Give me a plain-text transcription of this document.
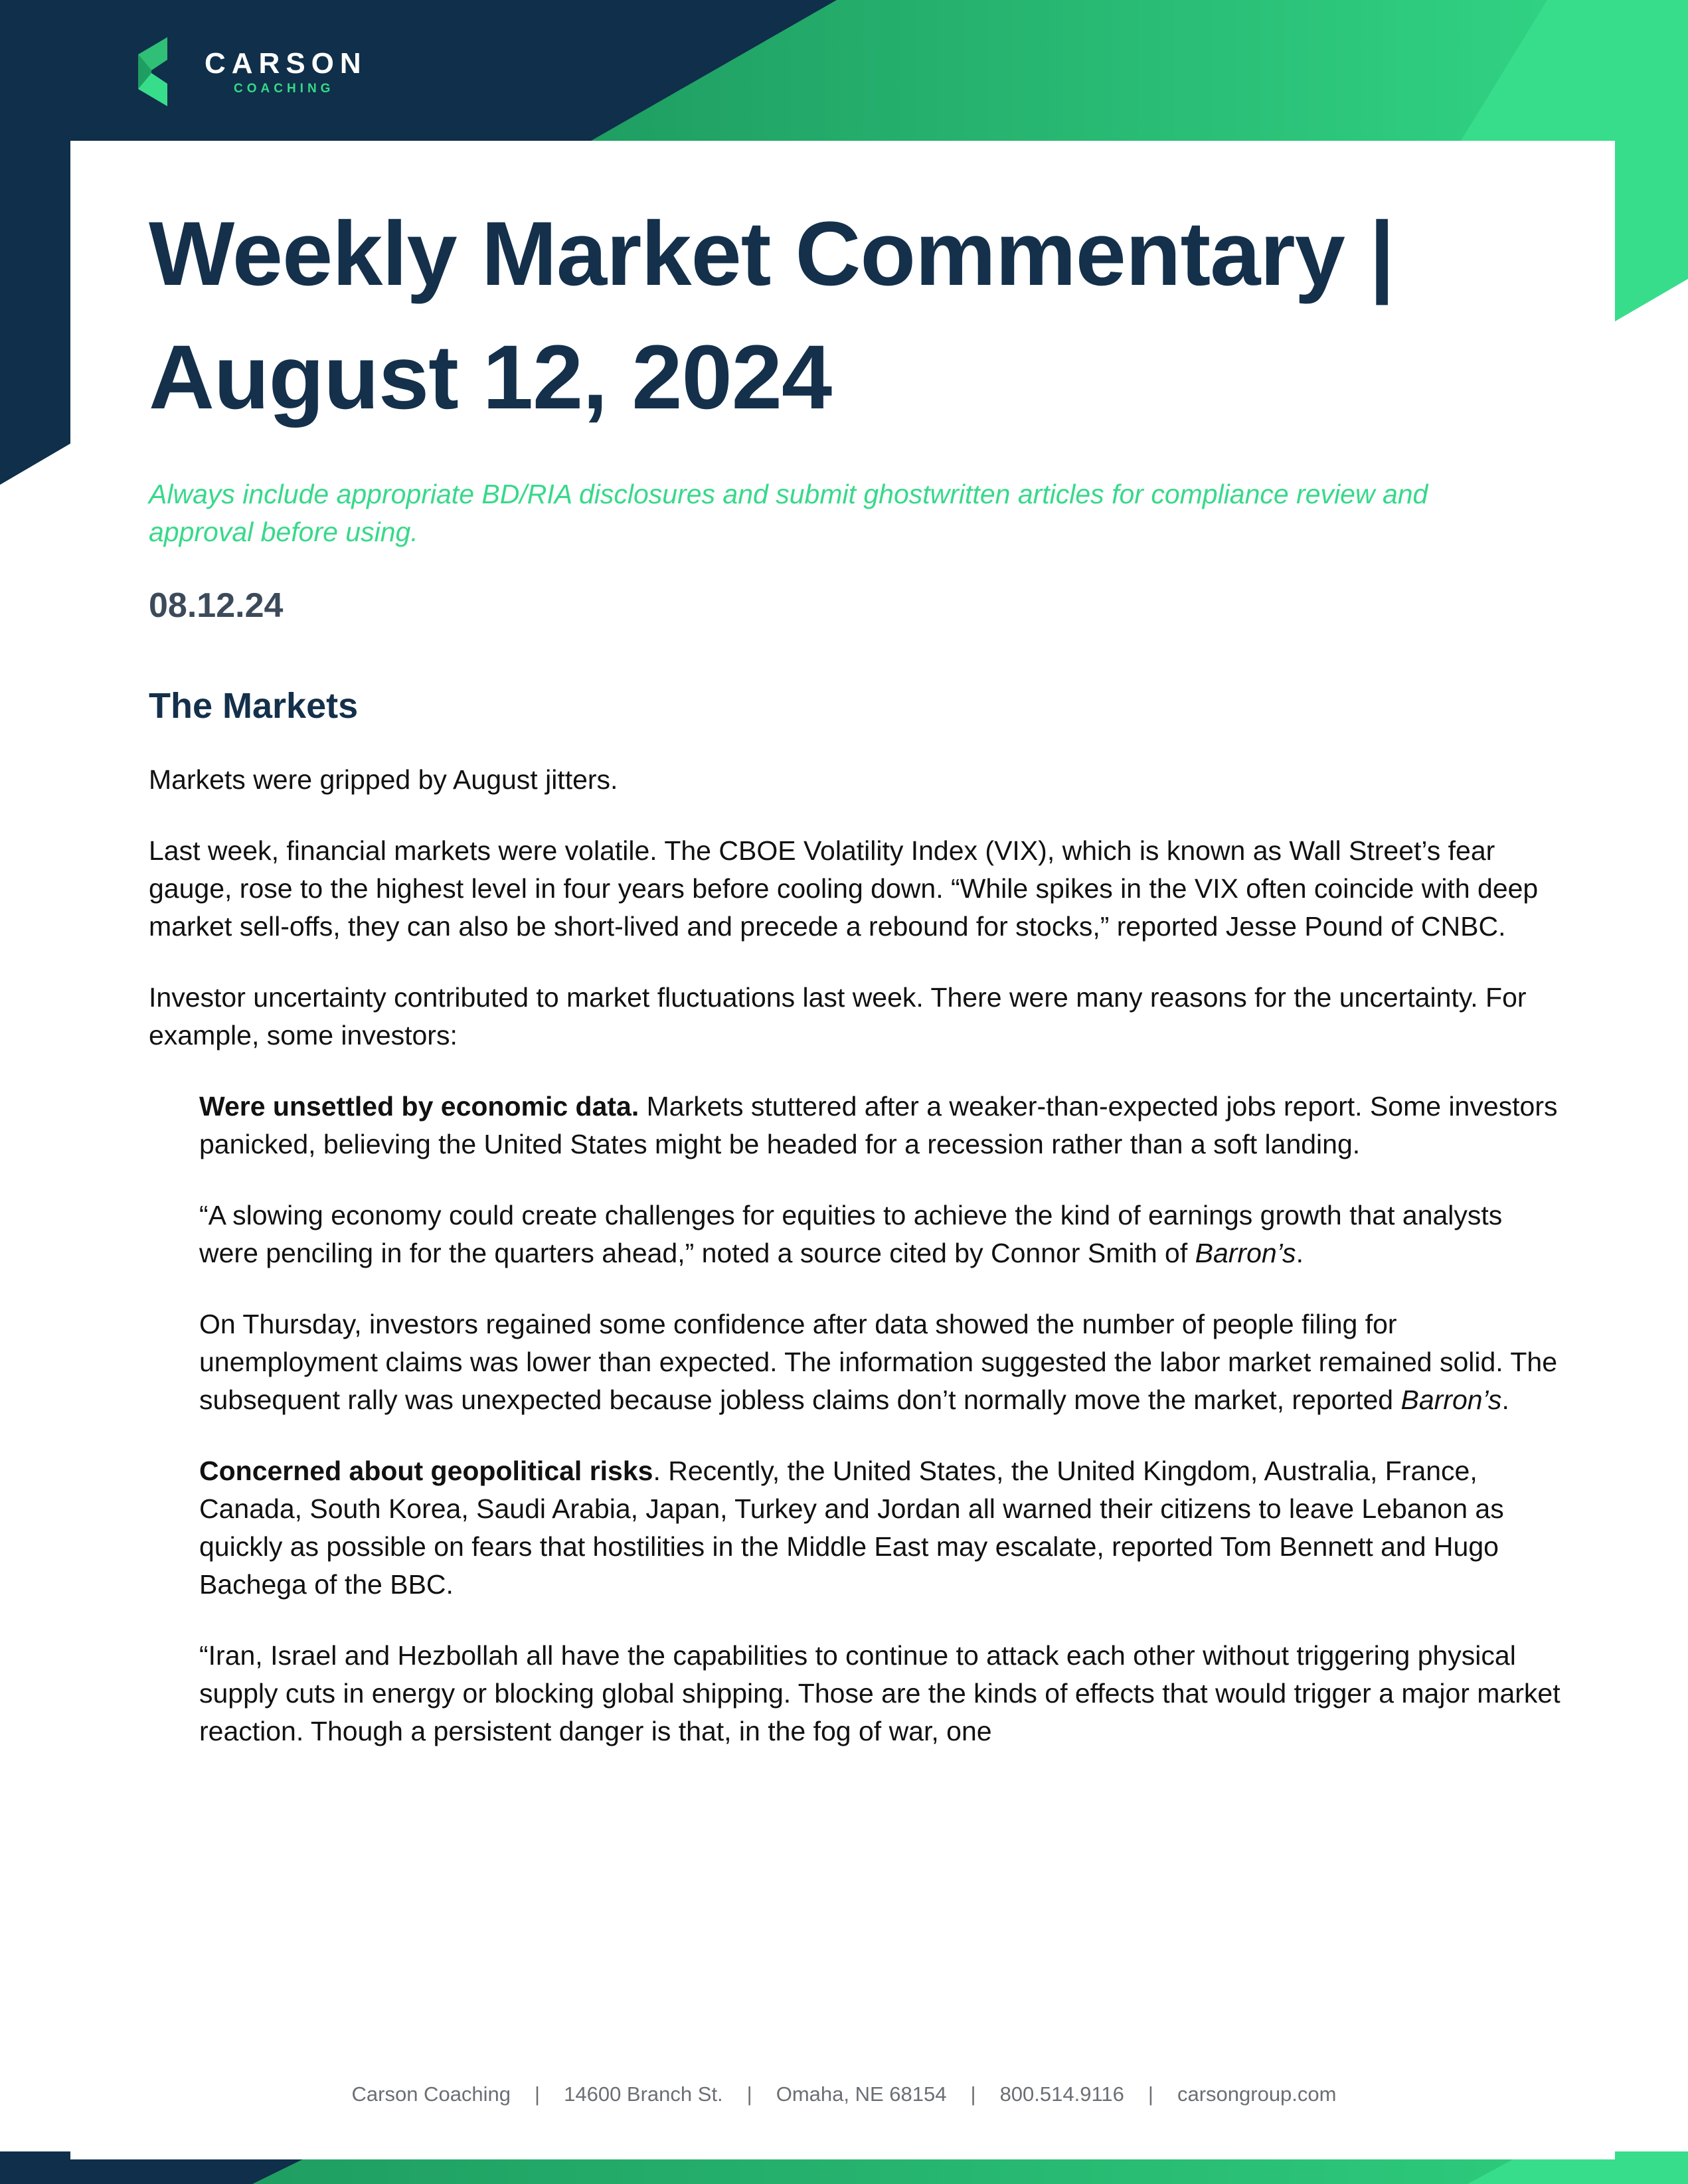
CARSON
COACHING
Weekly Market Commentary | August 12, 2024

Always include appropriate BD/RIA disclosures and submit ghostwritten articles for compliance review and approval before using.

08.12.24

The Markets

Markets were gripped by August jitters.

Last week, financial markets were volatile. The CBOE Volatility Index (VIX), which is known as Wall Street’s fear gauge, rose to the highest level in four years before cooling down. “While spikes in the VIX often coincide with deep market sell-offs, they can also be short-lived and precede a rebound for stocks,” reported Jesse Pound of CNBC.

Investor uncertainty contributed to market fluctuations last week. There were many reasons for the uncertainty. For example, some investors:

Were unsettled by economic data. Markets stuttered after a weaker-than-expected jobs report. Some investors panicked, believing the United States might be headed for a recession rather than a soft landing.

“A slowing economy could create challenges for equities to achieve the kind of earnings growth that analysts were penciling in for the quarters ahead,” noted a source cited by Connor Smith of Barron’s.

On Thursday, investors regained some confidence after data showed the number of people filing for unemployment claims was lower than expected. The information suggested the labor market remained solid. The subsequent rally was unexpected because jobless claims don’t normally move the market, reported Barron’s.

Concerned about geopolitical risks. Recently, the United States, the United Kingdom, Australia, France, Canada, South Korea, Saudi Arabia, Japan, Turkey and Jordan all warned their citizens to leave Lebanon as quickly as possible on fears that hostilities in the Middle East may escalate, reported Tom Bennett and Hugo Bachega of the BBC.

“Iran, Israel and Hezbollah all have the capabilities to continue to attack each other without triggering physical supply cuts in energy or blocking global shipping. Those are the kinds of effects that would trigger a major market reaction. Though a persistent danger is that, in the fog of war, one

Carson Coaching | 14600 Branch St. | Omaha, NE 68154 | 800.514.9116 | carsongroup.com
